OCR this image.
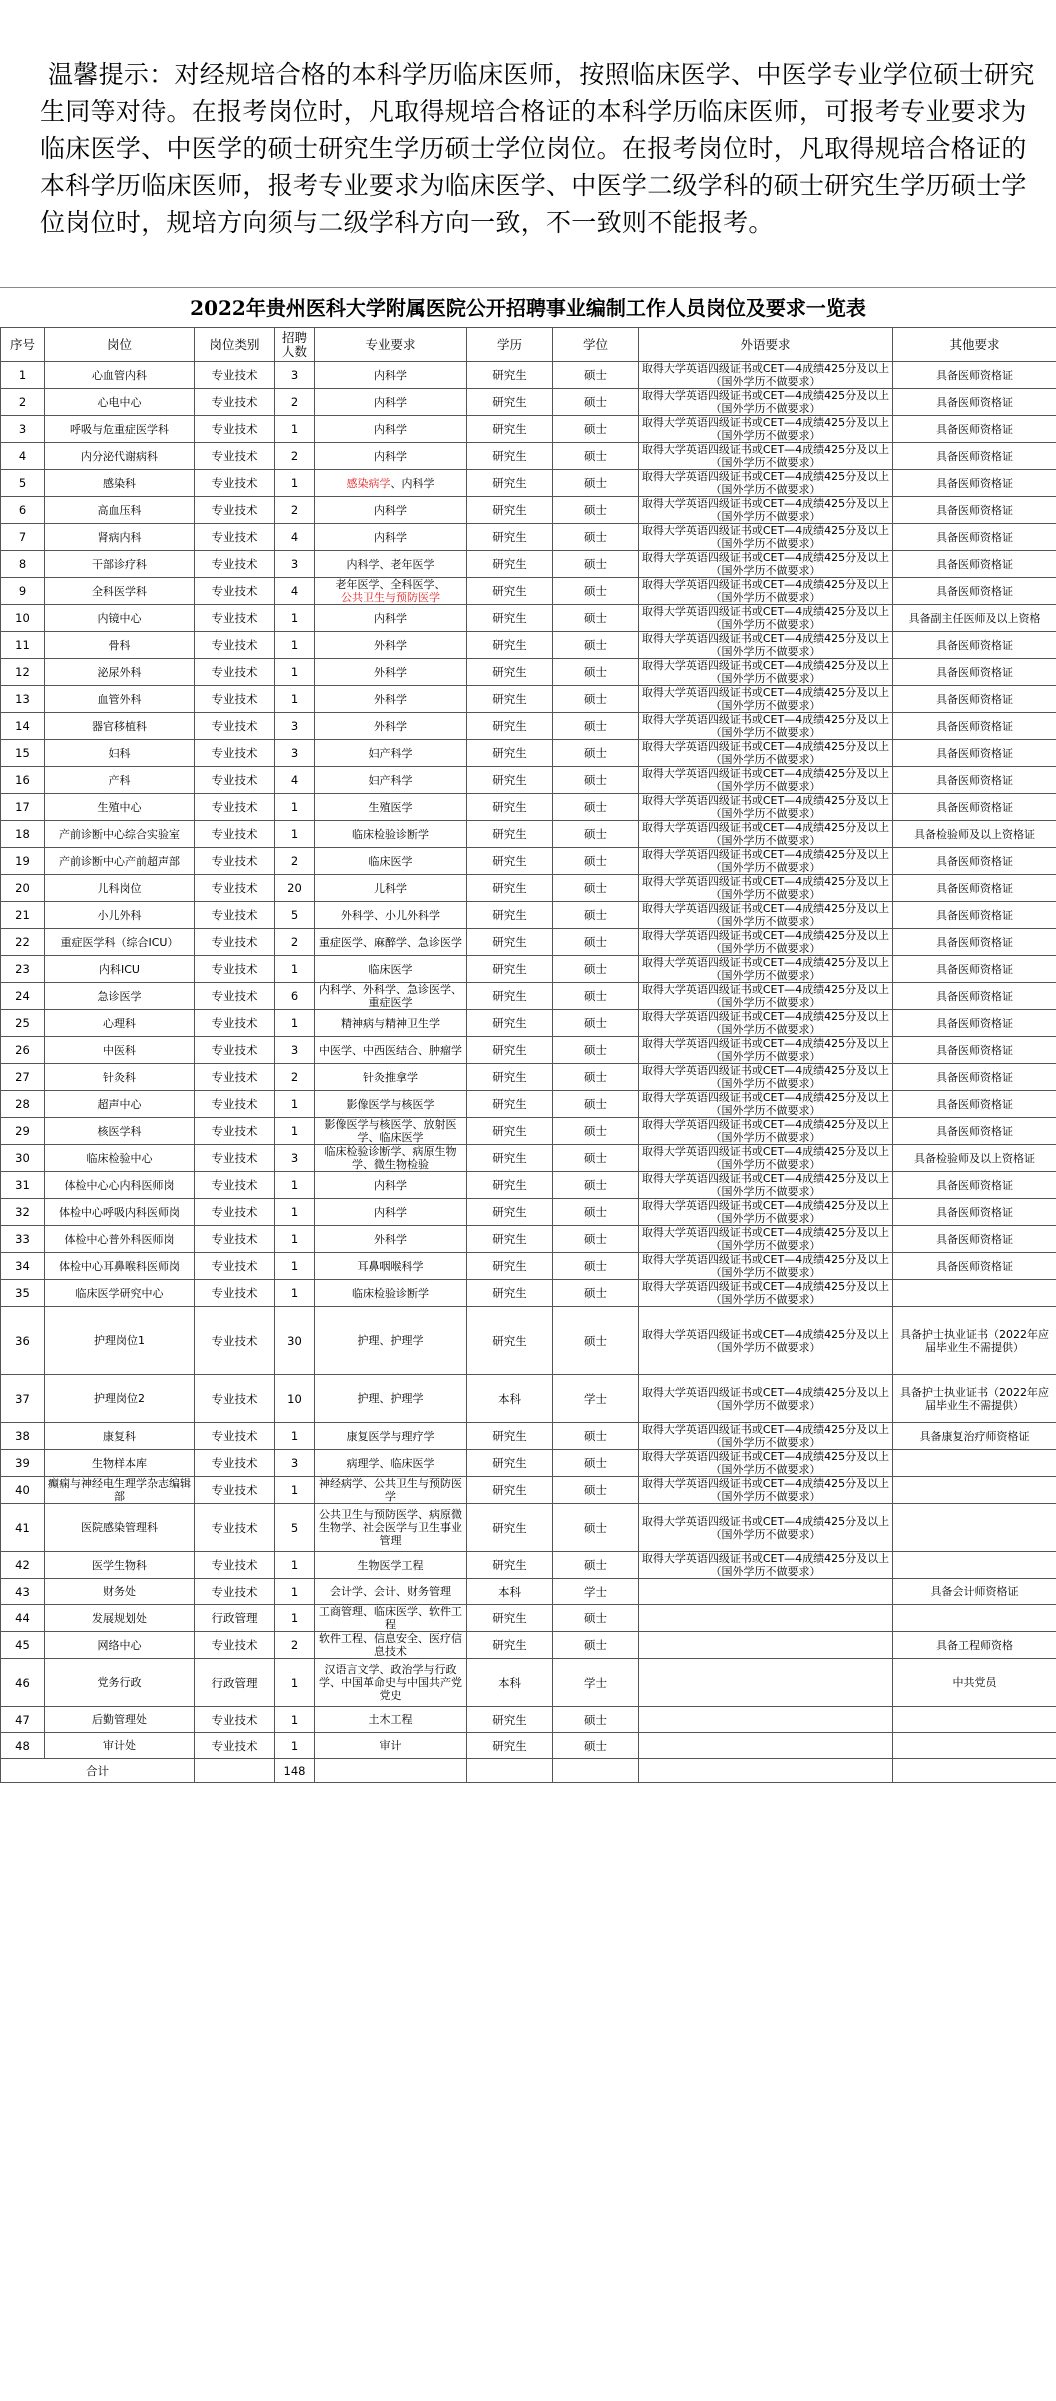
温馨提示：对经规培合格的本科学历临床医师，按照临床医学、中医学专业学位硕士研究生同等对待。在报考岗位时，凡取得规培合格证的本科学历临床医师，可报考专业要求为临床医学、中医学的硕士研究生学历硕士学位岗位。在报考岗位时，凡取得规培合格证的本科学历临床医师，报考专业要求为临床医学、中医学二级学科的硕士研究生学历硕士学位岗位时，规培方向须与二级学科方向一致，不一致则不能报考。
2022年贵州医科大学附属医院公开招聘事业编制工作人员岗位及要求一览表
序号	岗位	岗位类别	招聘人数	专业要求	学历	学位	外语要求	其他要求
1	心血管内科	专业技术	3	内科学	研究生	硕士	取得大学英语四级证书或CET—4成绩425分及以上（国外学历不做要求）	具备医师资格证
2	心电中心	专业技术	2	内科学	研究生	硕士	取得大学英语四级证书或CET—4成绩425分及以上（国外学历不做要求）	具备医师资格证
3	呼吸与危重症医学科	专业技术	1	内科学	研究生	硕士	取得大学英语四级证书或CET—4成绩425分及以上（国外学历不做要求）	具备医师资格证
4	内分泌代谢病科	专业技术	2	内科学	研究生	硕士	取得大学英语四级证书或CET—4成绩425分及以上（国外学历不做要求）	具备医师资格证
5	感染科	专业技术	1	感染病学、内科学	研究生	硕士	取得大学英语四级证书或CET—4成绩425分及以上（国外学历不做要求）	具备医师资格证
6	高血压科	专业技术	2	内科学	研究生	硕士	取得大学英语四级证书或CET—4成绩425分及以上（国外学历不做要求）	具备医师资格证
7	肾病内科	专业技术	4	内科学	研究生	硕士	取得大学英语四级证书或CET—4成绩425分及以上（国外学历不做要求）	具备医师资格证
8	干部诊疗科	专业技术	3	内科学、老年医学	研究生	硕士	取得大学英语四级证书或CET—4成绩425分及以上（国外学历不做要求）	具备医师资格证
9	全科医学科	专业技术	4	老年医学、全科医学、
公共卫生与预防医学	研究生	硕士	取得大学英语四级证书或CET—4成绩425分及以上（国外学历不做要求）	具备医师资格证
10	内镜中心	专业技术	1	内科学	研究生	硕士	取得大学英语四级证书或CET—4成绩425分及以上（国外学历不做要求）	具备副主任医师及以上资格
11	骨科	专业技术	1	外科学	研究生	硕士	取得大学英语四级证书或CET—4成绩425分及以上（国外学历不做要求）	具备医师资格证
12	泌尿外科	专业技术	1	外科学	研究生	硕士	取得大学英语四级证书或CET—4成绩425分及以上（国外学历不做要求）	具备医师资格证
13	血管外科	专业技术	1	外科学	研究生	硕士	取得大学英语四级证书或CET—4成绩425分及以上（国外学历不做要求）	具备医师资格证
14	器官移植科	专业技术	3	外科学	研究生	硕士	取得大学英语四级证书或CET—4成绩425分及以上（国外学历不做要求）	具备医师资格证
15	妇科	专业技术	3	妇产科学	研究生	硕士	取得大学英语四级证书或CET—4成绩425分及以上（国外学历不做要求）	具备医师资格证
16	产科	专业技术	4	妇产科学	研究生	硕士	取得大学英语四级证书或CET—4成绩425分及以上（国外学历不做要求）	具备医师资格证
17	生殖中心	专业技术	1	生殖医学	研究生	硕士	取得大学英语四级证书或CET—4成绩425分及以上（国外学历不做要求）	具备医师资格证
18	产前诊断中心综合实验室	专业技术	1	临床检验诊断学	研究生	硕士	取得大学英语四级证书或CET—4成绩425分及以上（国外学历不做要求）	具备检验师及以上资格证
19	产前诊断中心产前超声部	专业技术	2	临床医学	研究生	硕士	取得大学英语四级证书或CET—4成绩425分及以上（国外学历不做要求）	具备医师资格证
20	儿科岗位	专业技术	20	儿科学	研究生	硕士	取得大学英语四级证书或CET—4成绩425分及以上（国外学历不做要求）	具备医师资格证
21	小儿外科	专业技术	5	外科学、小儿外科学	研究生	硕士	取得大学英语四级证书或CET—4成绩425分及以上（国外学历不做要求）	具备医师资格证
22	重症医学科（综合ICU）	专业技术	2	重症医学、麻醉学、急诊医学	研究生	硕士	取得大学英语四级证书或CET—4成绩425分及以上（国外学历不做要求）	具备医师资格证
23	内科ICU	专业技术	1	临床医学	研究生	硕士	取得大学英语四级证书或CET—4成绩425分及以上（国外学历不做要求）	具备医师资格证
24	急诊医学	专业技术	6	内科学、外科学、急诊医学、重症医学	研究生	硕士	取得大学英语四级证书或CET—4成绩425分及以上（国外学历不做要求）	具备医师资格证
25	心理科	专业技术	1	精神病与精神卫生学	研究生	硕士	取得大学英语四级证书或CET—4成绩425分及以上（国外学历不做要求）	具备医师资格证
26	中医科	专业技术	3	中医学、中西医结合、肿瘤学	研究生	硕士	取得大学英语四级证书或CET—4成绩425分及以上（国外学历不做要求）	具备医师资格证
27	针灸科	专业技术	2	针灸推拿学	研究生	硕士	取得大学英语四级证书或CET—4成绩425分及以上（国外学历不做要求）	具备医师资格证
28	超声中心	专业技术	1	影像医学与核医学	研究生	硕士	取得大学英语四级证书或CET—4成绩425分及以上（国外学历不做要求）	具备医师资格证
29	核医学科	专业技术	1	影像医学与核医学、放射医学、临床医学	研究生	硕士	取得大学英语四级证书或CET—4成绩425分及以上（国外学历不做要求）	具备医师资格证
30	临床检验中心	专业技术	3	临床检验诊断学、病原生物学、微生物检验	研究生	硕士	取得大学英语四级证书或CET—4成绩425分及以上（国外学历不做要求）	具备检验师及以上资格证
31	体检中心心内科医师岗	专业技术	1	内科学	研究生	硕士	取得大学英语四级证书或CET—4成绩425分及以上（国外学历不做要求）	具备医师资格证
32	体检中心呼吸内科医师岗	专业技术	1	内科学	研究生	硕士	取得大学英语四级证书或CET—4成绩425分及以上（国外学历不做要求）	具备医师资格证
33	体检中心普外科医师岗	专业技术	1	外科学	研究生	硕士	取得大学英语四级证书或CET—4成绩425分及以上（国外学历不做要求）	具备医师资格证
34	体检中心耳鼻喉科医师岗	专业技术	1	耳鼻咽喉科学	研究生	硕士	取得大学英语四级证书或CET—4成绩425分及以上（国外学历不做要求）	具备医师资格证
35	临床医学研究中心	专业技术	1	临床检验诊断学	研究生	硕士	取得大学英语四级证书或CET—4成绩425分及以上（国外学历不做要求）	
36	护理岗位1	专业技术	30	护理、护理学	研究生	硕士	取得大学英语四级证书或CET—4成绩425分及以上（国外学历不做要求）	具备护士执业证书（2022年应届毕业生不需提供）
37	护理岗位2	专业技术	10	护理、护理学	本科	学士	取得大学英语四级证书或CET—4成绩425分及以上（国外学历不做要求）	具备护士执业证书（2022年应届毕业生不需提供）
38	康复科	专业技术	1	康复医学与理疗学	研究生	硕士	取得大学英语四级证书或CET—4成绩425分及以上（国外学历不做要求）	具备康复治疗师资格证
39	生物样本库	专业技术	3	病理学、临床医学	研究生	硕士	取得大学英语四级证书或CET—4成绩425分及以上（国外学历不做要求）	
40	癫痫与神经电生理学杂志编辑部	专业技术	1	神经病学、公共卫生与预防医学	研究生	硕士	取得大学英语四级证书或CET—4成绩425分及以上（国外学历不做要求）	
41	医院感染管理科	专业技术	5	公共卫生与预防医学、病原微生物学、社会医学与卫生事业管理	研究生	硕士	取得大学英语四级证书或CET—4成绩425分及以上（国外学历不做要求）	
42	医学生物科	专业技术	1	生物医学工程	研究生	硕士	取得大学英语四级证书或CET—4成绩425分及以上（国外学历不做要求）	
43	财务处	专业技术	1	会计学、会计、财务管理	本科	学士		具备会计师资格证
44	发展规划处	行政管理	1	工商管理、临床医学、软件工程	研究生	硕士		
45	网络中心	专业技术	2	软件工程、信息安全、医疗信息技术	研究生	硕士		具备工程师资格
46	党务行政	行政管理	1	汉语言文学、政治学与行政学、中国革命史与中国共产党党史	本科	学士		中共党员
47	后勤管理处	专业技术	1	土木工程	研究生	硕士		
48	审计处	专业技术	1	审计	研究生	硕士		
合计			148					
